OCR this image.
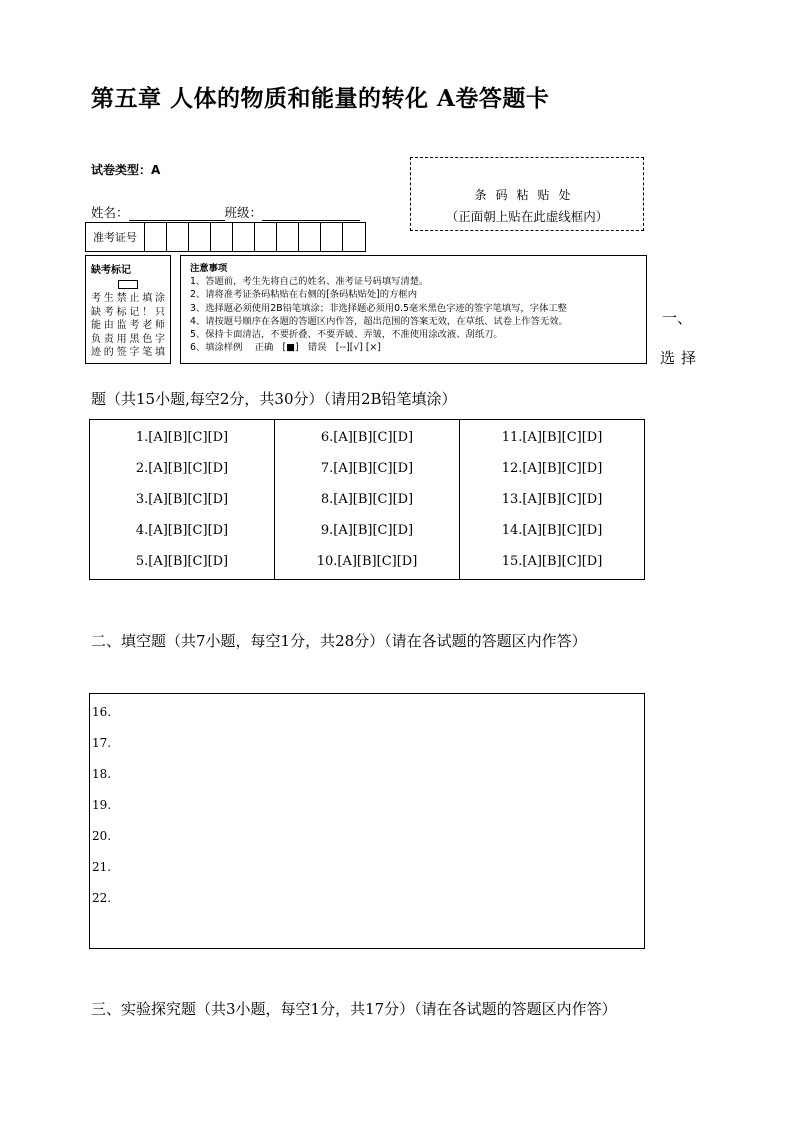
第五章 人体的物质和能量的转化 A卷答题卡
试卷类型：A
姓名：	班级：
条码粘贴处
（正面朝上贴在此虚线框内）
准考证号
缺考标记
考生禁止填涂
缺考标记！只
能由监考老师
负责用黑色字
迹的签字笔填
注意事项
1、答题前，考生先将自己的姓名、准考证号码填写清楚。
2、请将准考证条码粘贴在右侧的[条码粘贴处]的方框内
3、选择题必须使用2B铅笔填涂；非选择题必须用0.5毫米黑色字迹的签字笔填写，字体工整
4、请按题号顺序在各题的答题区内作答，超出范围的答案无效，在草纸、试卷上作答无效。
5、保持卡面清洁，不要折叠、不要弄破、弄皱，不准使用涂改液、刮纸刀。
6、填涂样例　 正确　[■]　错误　[--][√] [×]
一、
选择
题（共15小题,每空2分，共30分）（请用2B铅笔填涂）
1.[A][B][C][D]
2.[A][B][C][D]
3.[A][B][C][D]
4.[A][B][C][D]
5.[A][B][C][D]
6.[A][B][C][D]
7.[A][B][C][D]
8.[A][B][C][D]
9.[A][B][C][D]
10.[A][B][C][D]
11.[A][B][C][D]
12.[A][B][C][D]
13.[A][B][C][D]
14.[A][B][C][D]
15.[A][B][C][D]
二、填空题（共7小题，每空1分，共28分）（请在各试题的答题区内作答）
16.
17.
18.
19.
20.
21.
22.
三、实验探究题（共3小题，每空1分，共17分）（请在各试题的答题区内作答）
